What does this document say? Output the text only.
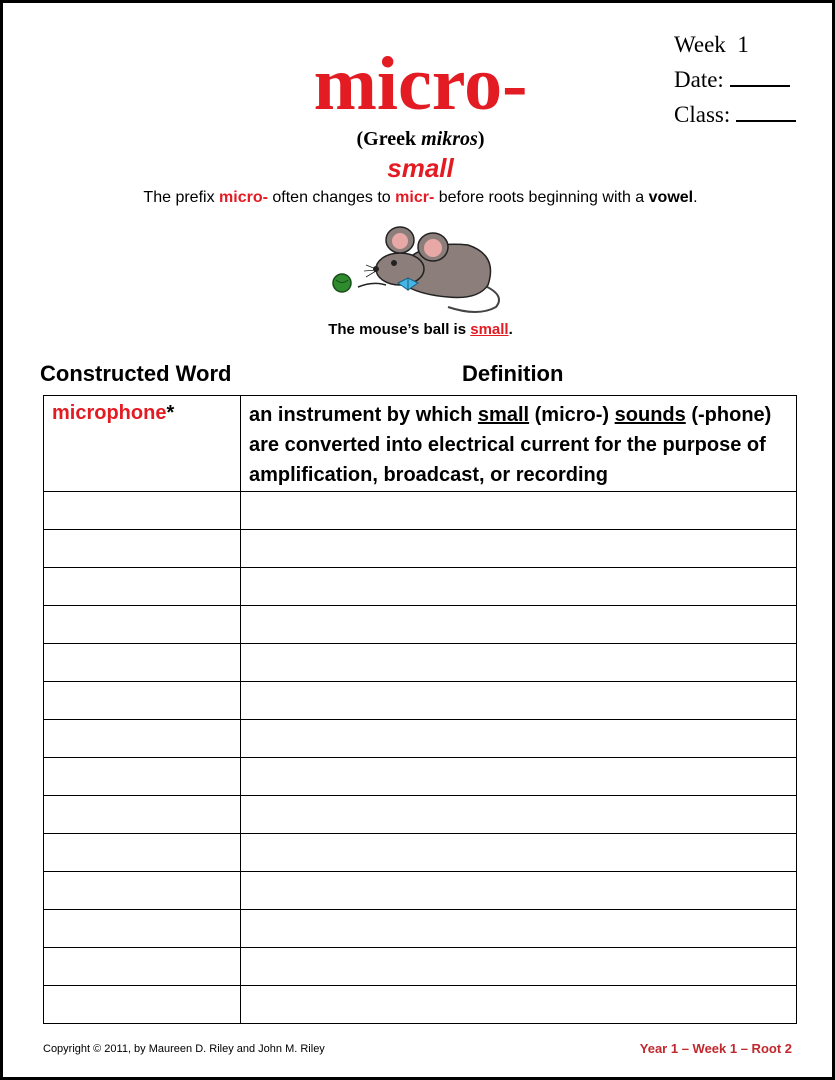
Week 1
Date:
Class:
micro-
(Greek mikros)
small
The prefix micro- often changes to micr- before roots beginning with a vowel.
The mouse’s ball is small.
Constructed Word	Definition
microphone*	an instrument by which small (micro-) sounds (-phone) are converted into electrical current for the purpose of amplification, broadcast, or recording

Copyright © 2011, by Maureen D. Riley and John M. Riley	Year 1 – Week 1 – Root 2
